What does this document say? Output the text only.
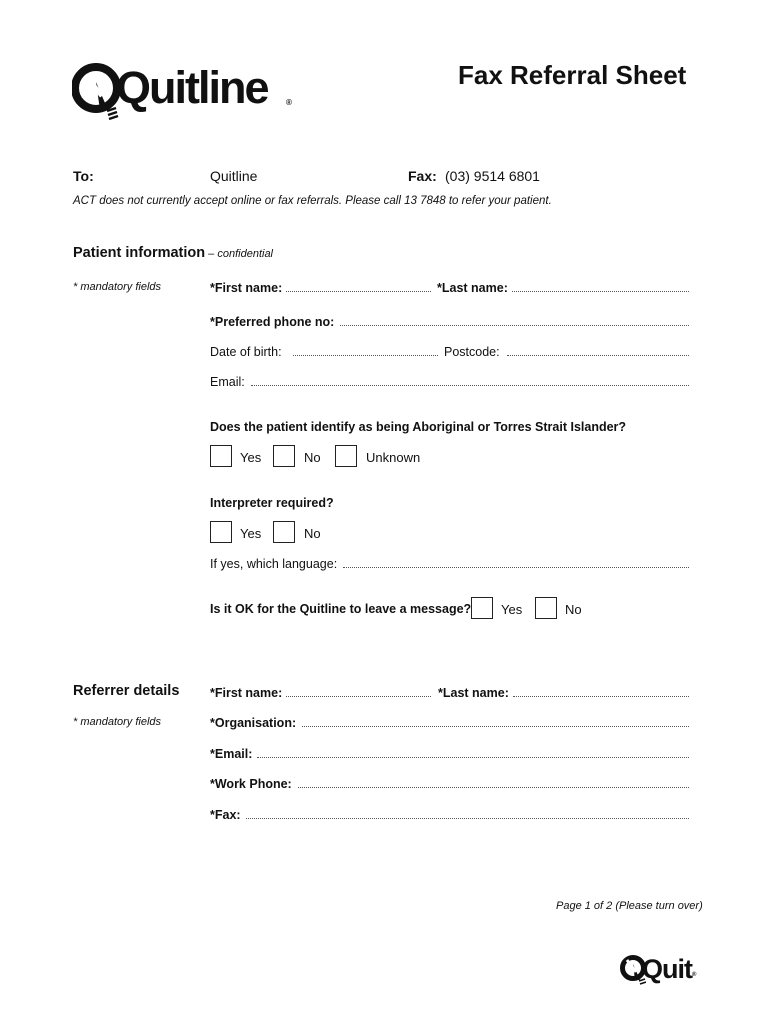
Quitline ®
Fax Referral Sheet
To:	Quitline	Fax: (03) 9514 6801
ACT does not currently accept online or fax referrals. Please call 13 7848 to refer your patient.
Patient information – confidential
* mandatory fields	*First name:	*Last name:
*Preferred phone no:
Date of birth:	Postcode:
Email:
Does the patient identify as being Aboriginal or Torres Strait Islander?
Yes	No	Unknown
Interpreter required?
Yes	No
If yes, which language:
Is it OK for the Quitline to leave a message? Yes	No
Referrer details
* mandatory fields
*First name:	*Last name:
*Organisation:
*Email:
*Work Phone:
*Fax:
Page 1 of 2 (Please turn over)
Quit ®
